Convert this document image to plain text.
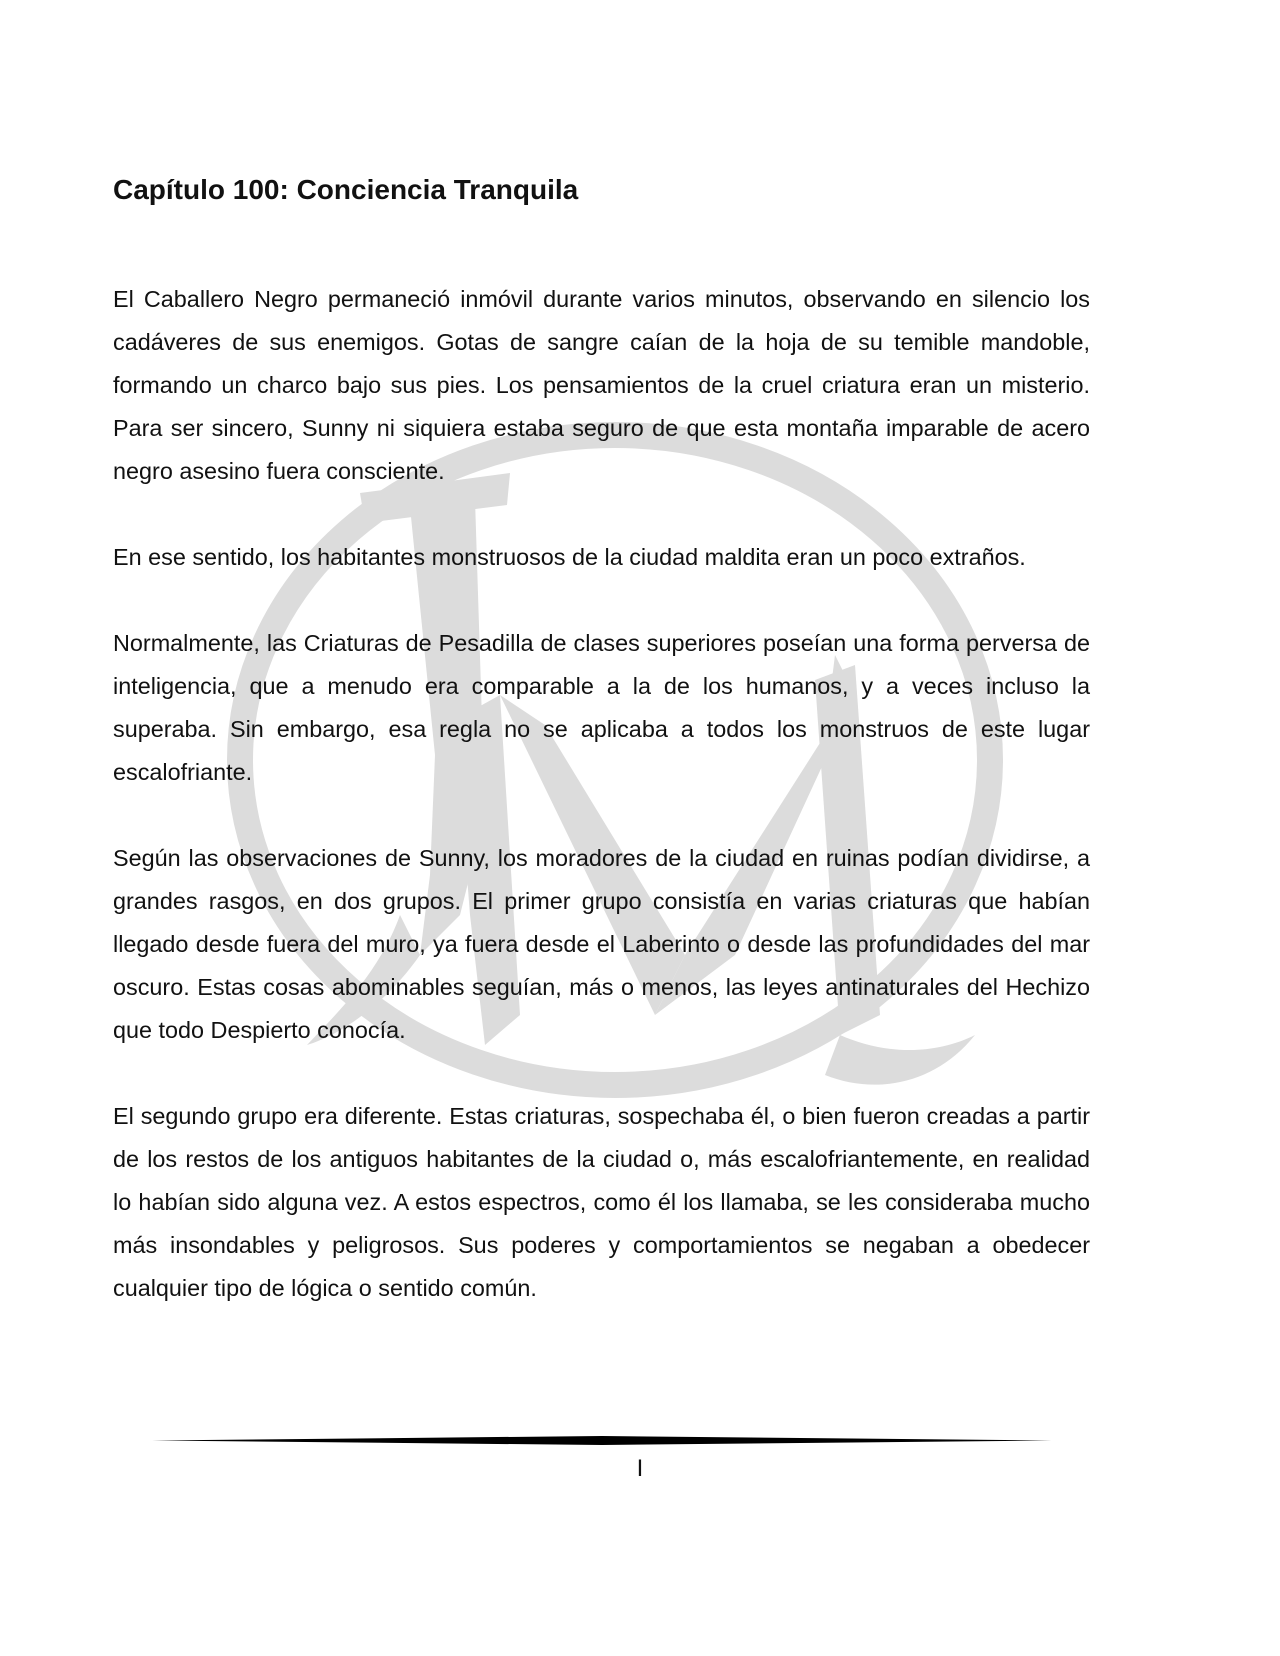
Capítulo 100: Conciencia Tranquila

El Caballero Negro permaneció inmóvil durante varios minutos, observando en silencio los cadáveres de sus enemigos. Gotas de sangre caían de la hoja de su temible mandoble, formando un charco bajo sus pies. Los pensamientos de la cruel criatura eran un misterio. Para ser sincero, Sunny ni siquiera estaba seguro de que esta montaña imparable de acero negro asesino fuera consciente.

En ese sentido, los habitantes monstruosos de la ciudad maldita eran un poco extraños.

Normalmente, las Criaturas de Pesadilla de clases superiores poseían una forma perversa de inteligencia, que a menudo era comparable a la de los humanos, y a veces incluso la superaba. Sin embargo, esa regla no se aplicaba a todos los monstruos de este lugar escalofriante.

Según las observaciones de Sunny, los moradores de la ciudad en ruinas podían dividirse, a grandes rasgos, en dos grupos. El primer grupo consistía en varias criaturas que habían llegado desde fuera del muro, ya fuera desde el Laberinto o desde las profundidades del mar oscuro. Estas cosas abominables seguían, más o menos, las leyes antinaturales del Hechizo que todo Despierto conocía.

El segundo grupo era diferente. Estas criaturas, sospechaba él, o bien fueron creadas a partir de los restos de los antiguos habitantes de la ciudad o, más escalofriantemente, en realidad lo habían sido alguna vez. A estos espectros, como él los llamaba, se les consideraba mucho más insondables y peligrosos. Sus poderes y comportamientos se negaban a obedecer cualquier tipo de lógica o sentido común.

I
